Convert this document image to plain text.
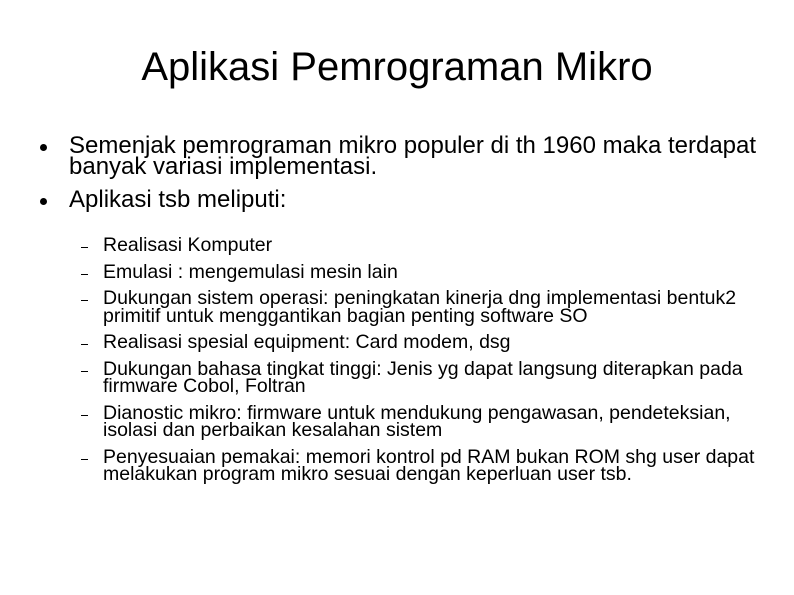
Aplikasi Pemrograman Mikro
Semenjak pemrograman mikro populer di th 1960 maka terdapat banyak variasi implementasi.
Aplikasi tsb meliputi:
Realisasi Komputer
Emulasi : mengemulasi mesin lain
Dukungan sistem operasi: peningkatan kinerja dng implementasi bentuk2 primitif untuk menggantikan bagian penting software SO
Realisasi spesial equipment: Card modem, dsg
Dukungan bahasa tingkat tinggi: Jenis yg dapat langsung diterapkan pada firmware Cobol, Foltran
Dianostic mikro: firmware untuk mendukung pengawasan, pendeteksian, isolasi dan perbaikan kesalahan sistem
Penyesuaian pemakai: memori kontrol pd RAM bukan ROM shg user dapat melakukan program mikro sesuai dengan keperluan user tsb.
